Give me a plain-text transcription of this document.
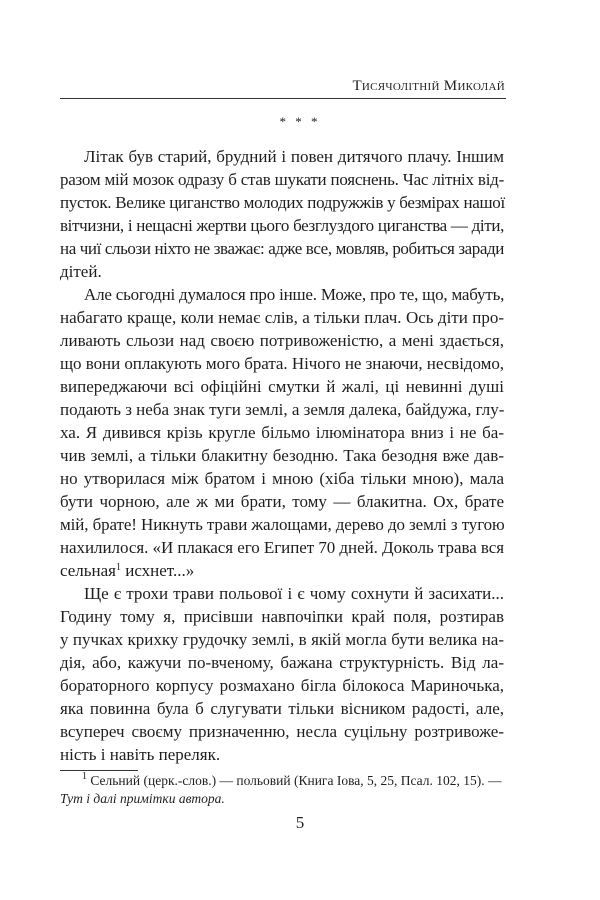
Тисячолітній Миколай
* * *
Літак був старий, брудний і повен дитячого плачу. Іншим
разом мій мозок одразу б став шукати пояснень. Час літніх від-
пусток. Велике циганство молодих подружжів у безмірах нашої
вітчизни, і нещасні жертви цього безглуздого циганства — діти,
на чиї сльози ніхто не зважає: адже все, мовляв, робиться заради
дітей.
Але сьогодні думалося про інше. Може, про те, що, мабуть,
набагато краще, коли немає слів, а тільки плач. Ось діти про-
ливають сльози над своєю потривоженістю, а мені здається,
що вони оплакують мого брата. Нічого не знаючи, несвідомо,
випереджаючи всі офіційні смутки й жалі, ці невинні душі
подають з неба знак туги землі, а земля далека, байдужа, глу-
ха. Я дивився крізь кругле більмо ілюмінатора вниз і не ба-
чив землі, а тільки блакитну безодню. Така безодня вже дав-
но утворилася між братом і мною (хіба тільки мною), мала
бути чорною, але ж ми брати, тому — блакитна. Ох, брате
мій, брате! Никнуть трави жалощами, дерево до землі з тугою
нахилилося. «И плакася его Египет 70 дней. Доколь трава вся
сельная$^1$ исхнет...»
Ще є трохи трави польової і є чому сохнути й засихати...
Годину тому я, присівши навпочіпки край поля, розтирав
у пучках крихку грудочку землі, в якій могла бути велика на-
дія, або, кажучи по-вченому, бажана структурність. Від ла-
бораторного корпусу розмахано бігла білокоса Мариночька,
яка повинна була б слугувати тільки вісником радості, але,
всупереч своєму призначенню, несла суцільну розтривоже-
ність і навіть переляк.
$^1$ Сельний (церк.-слов.) — польовий (Книга Іова, 5, 25, Псал. 102, 15). —
Тут і далі примітки автора.
5
